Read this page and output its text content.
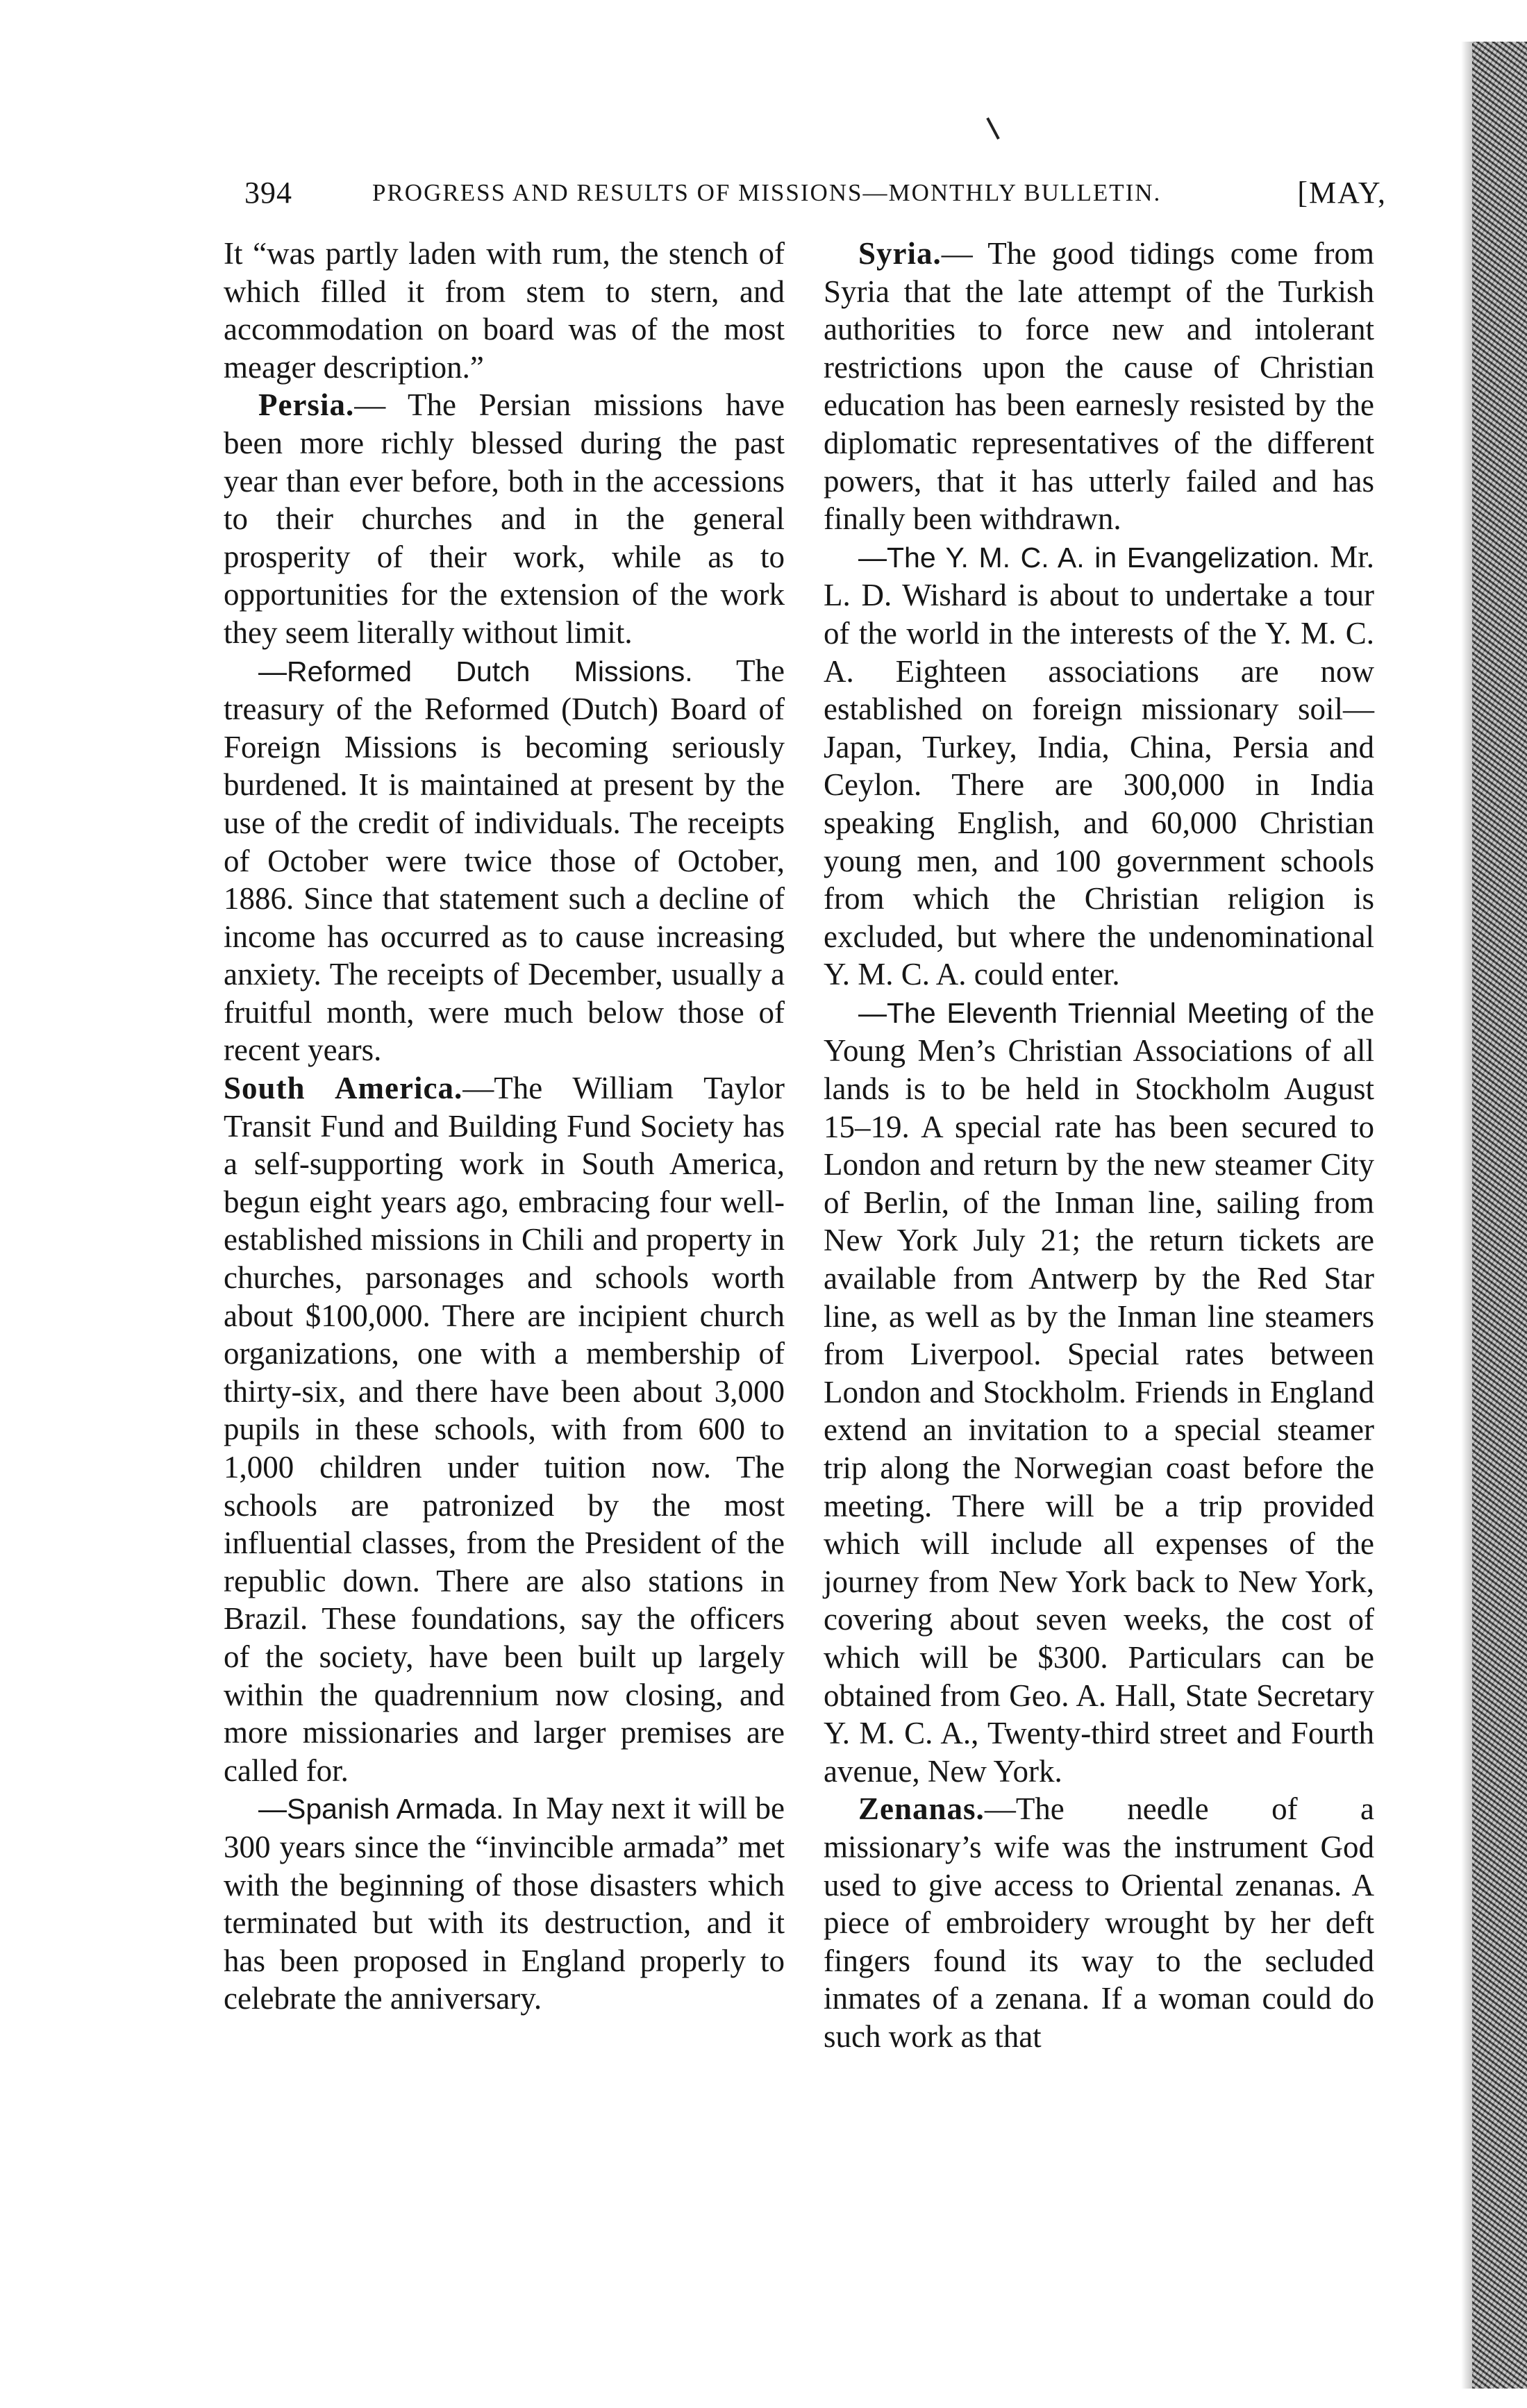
394	PROGRESS AND RESULTS OF MISSIONS—MONTHLY BULLETIN.	[MAY,

It “was partly laden with rum, the stench of which filled it from stem to stern, and accommodation on board was of the most meager description.”

Persia.— The Persian missions have been more richly blessed during the past year than ever before, both in the accessions to their churches and in the general prosperity of their work, while as to opportunities for the extension of the work they seem literally without limit.

—Reformed Dutch Missions. The treasury of the Reformed (Dutch) Board of Foreign Missions is becoming seriously burdened. It is maintained at present by the use of the credit of individuals. The receipts of October were twice those of October, 1886. Since that statement such a decline of income has occurred as to cause increasing anxiety. The receipts of December, usually a fruitful month, were much below those of recent years.

South America.—The William Taylor Transit Fund and Building Fund Society has a self-supporting work in South America, begun eight years ago, embracing four well-established missions in Chili and property in churches, parsonages and schools worth about $100,000. There are incipient church organizations, one with a membership of thirty-six, and there have been about 3,000 pupils in these schools, with from 600 to 1,000 children under tuition now. The schools are patronized by the most influential classes, from the President of the republic down. There are also stations in Brazil. These foundations, say the officers of the society, have been built up largely within the quadrennium now closing, and more missionaries and larger premises are called for.

—Spanish Armada. In May next it will be 300 years since the “invincible armada” met with the beginning of those disasters which terminated but with its destruction, and it has been proposed in England properly to celebrate the anniversary.

Syria.— The good tidings come from Syria that the late attempt of the Turkish authorities to force new and intolerant restrictions upon the cause of Christian education has been earnesly resisted by the diplomatic representatives of the different powers, that it has utterly failed and has finally been withdrawn.

—The Y. M. C. A. in Evangelization. Mr. L. D. Wishard is about to undertake a tour of the world in the interests of the Y. M. C. A. Eighteen associations are now established on foreign missionary soil—Japan, Turkey, India, China, Persia and Ceylon. There are 300,000 in India speaking English, and 60,000 Christian young men, and 100 government schools from which the Christian religion is excluded, but where the undenominational Y. M. C. A. could enter.

—The Eleventh Triennial Meeting of the Young Men’s Christian Associations of all lands is to be held in Stockholm August 15–19. A special rate has been secured to London and return by the new steamer City of Berlin, of the Inman line, sailing from New York July 21; the return tickets are available from Antwerp by the Red Star line, as well as by the Inman line steamers from Liverpool. Special rates between London and Stockholm. Friends in England extend an invitation to a special steamer trip along the Norwegian coast before the meeting. There will be a trip provided which will include all expenses of the journey from New York back to New York, covering about seven weeks, the cost of which will be $300. Particulars can be obtained from Geo. A. Hall, State Secretary Y. M. C. A., Twenty-third street and Fourth avenue, New York.

Zenanas.—The needle of a missionary’s wife was the instrument God used to give access to Oriental zenanas. A piece of embroidery wrought by her deft fingers found its way to the secluded inmates of a zenana. If a woman could do such work as that
